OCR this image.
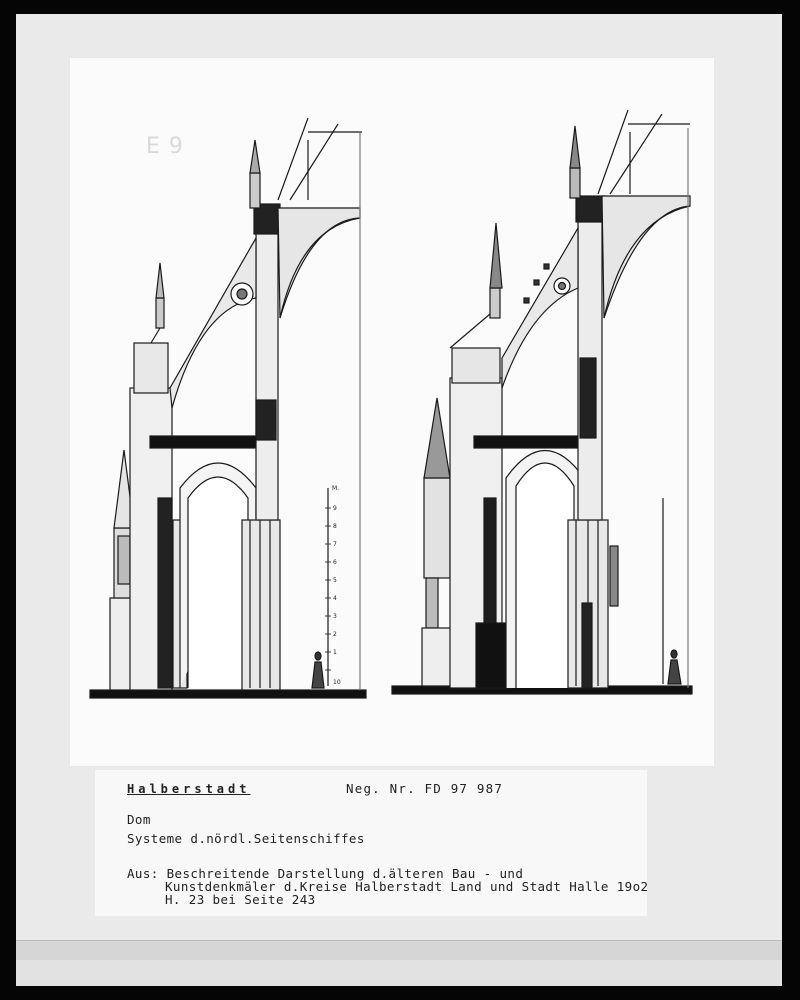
M.
9
8
7
6
5
4
3
2
1
10
E 9
Halberstadt	Neg. Nr. FD 97 987
Dom
Systeme d.nördl.Seitenschiffes
Aus: Beschreitende Darstellung d.älteren Bau - und
Kunstdenkmäler d.Kreise Halberstadt Land und Stadt Halle 19o2
H. 23 bei Seite 243
